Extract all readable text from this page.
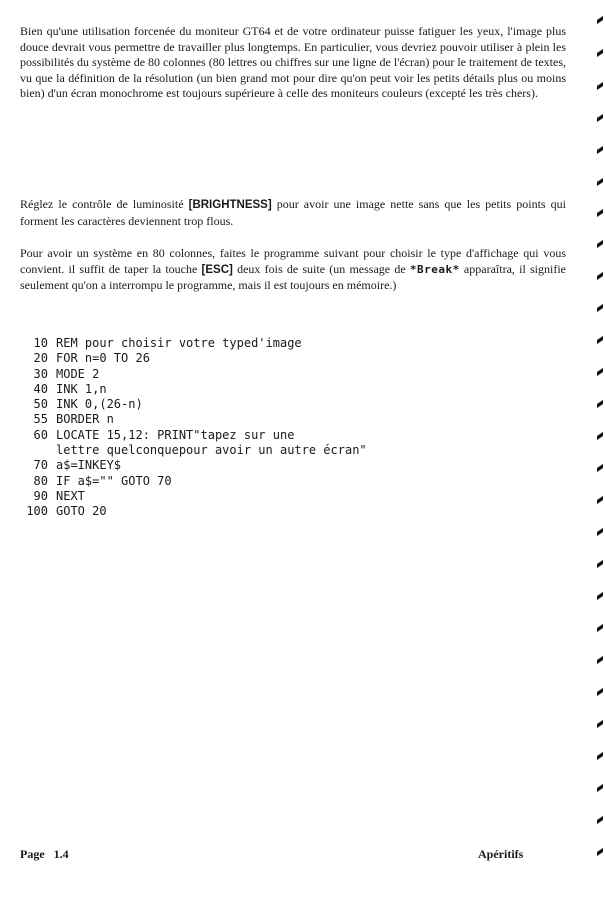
Bien qu'une utilisation forcenée du moniteur GT64 et de votre ordinateur puisse fatiguer les yeux, l'image plus douce devrait vous permettre de travailler plus longtemps. En particulier, vous devriez pouvoir utiliser à plein les possibilités du système de 80 colonnes (80 lettres ou chiffres sur une ligne de l'écran) pour le traitement de textes, vu que la définition de la résolution (un bien grand mot pour dire qu'on peut voir les petits détails plus ou moins bien) d'un écran monochrome est toujours supérieure à celle des moniteurs couleurs (excepté les très chers).

Réglez le contrôle de luminosité [BRIGHTNESS] pour avoir une image nette sans que les petits points qui forment les caractères deviennent trop flous.

Pour avoir un système en 80 colonnes, faites le programme suivant pour choisir le type d'affichage qui vous convient. il suffit de taper la touche [ESC] deux fois de suite (un message de *Break* apparaîtra, il signifie seulement qu'on a interrompu le programme, mais il est toujours en mémoire.)

10 REM pour choisir votre typed'image
20 FOR n=0 TO 26
30 MODE 2
40 INK 1,n
50 INK 0,(26-n)
55 BORDER n
60 LOCATE 15,12: PRINT"tapez sur une
lettre quelconquepour avoir un autre écran"
70 a$=INKEY$
80 IF a$="" GOTO 70
90 NEXT
100 GOTO 20
Page 1.4	Apéritifs
